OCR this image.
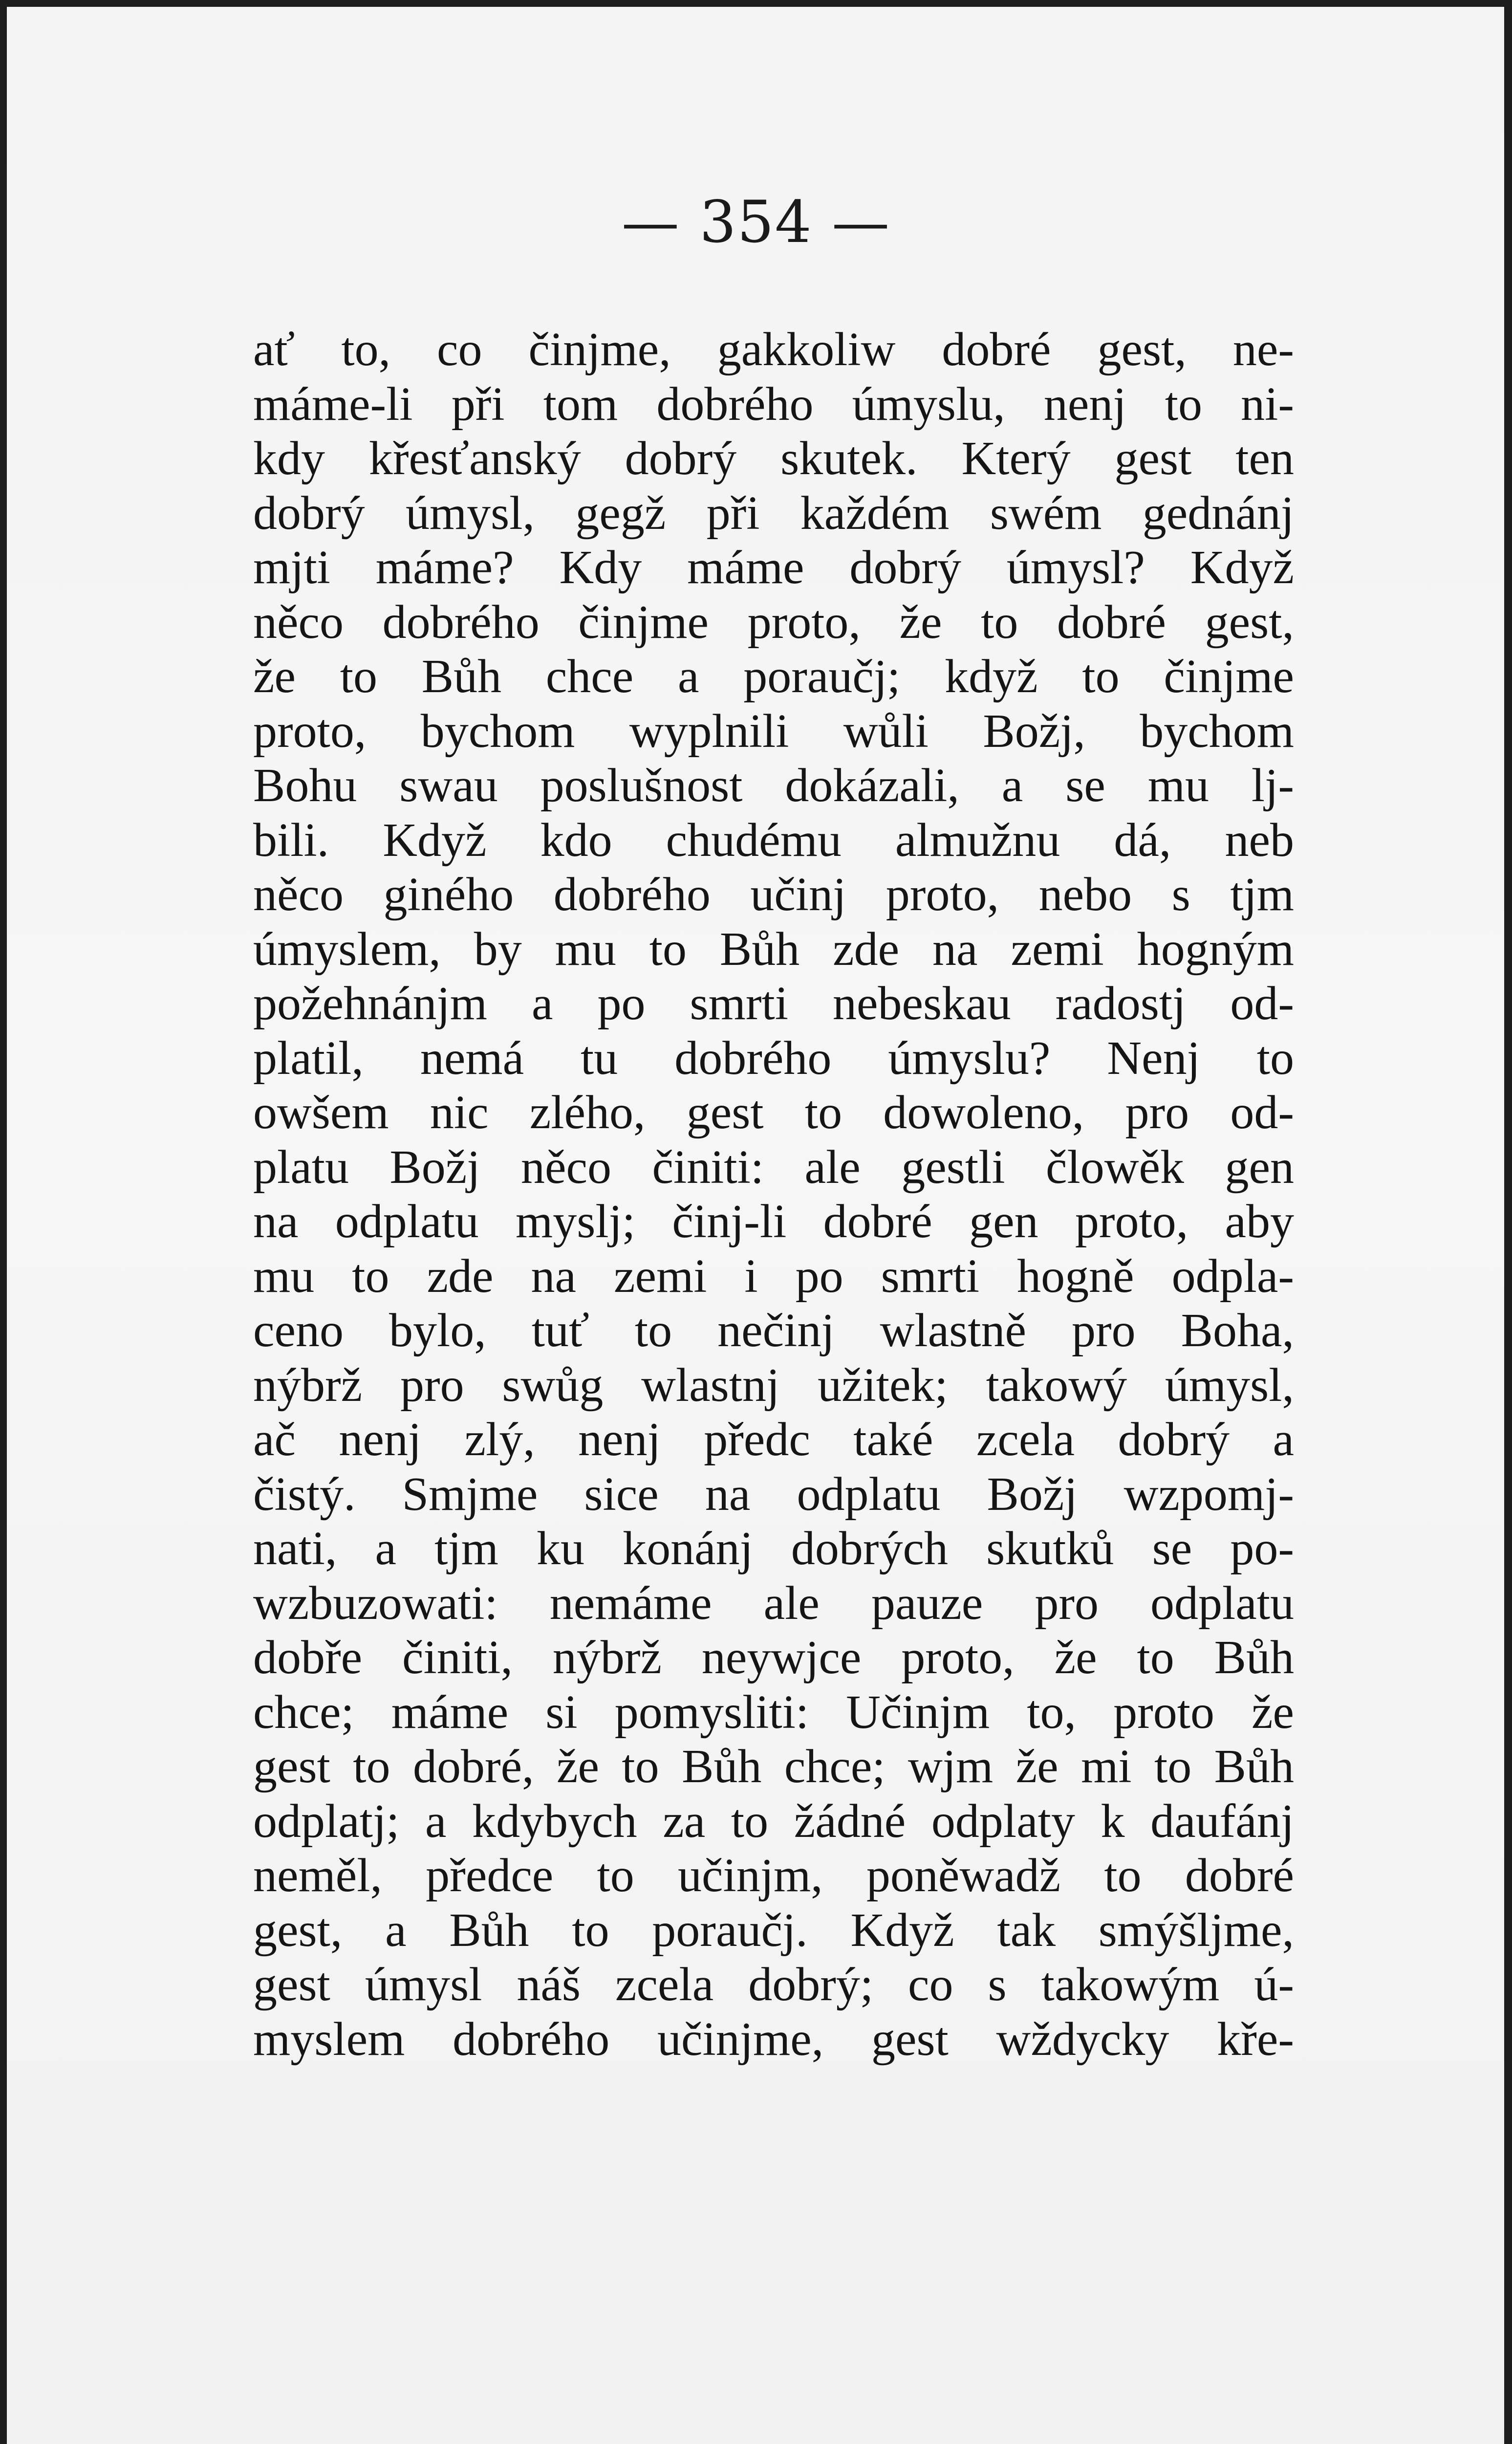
— 354 —
ať to, co činjme, gakkoliw dobré gest, ne-
máme-li při tom dobrého úmyslu, nenj to ni-
kdy křesťanský dobrý skutek. Který gest ten
dobrý úmysl, gegž při každém swém gednánj
mjti máme? Kdy máme dobrý úmysl? Když
něco dobrého činjme proto, že to dobré gest,
že to Bůh chce a poraučj; když to činjme
proto, bychom wyplnili wůli Božj, bychom
Bohu swau poslušnost dokázali, a se mu lj-
bili. Když kdo chudému almužnu dá, neb
něco giného dobrého učinj proto, nebo s tjm
úmyslem, by mu to Bůh zde na zemi hogným
požehnánjm a po smrti nebeskau radostj od-
platil, nemá tu dobrého úmyslu? Nenj to
owšem nic zlého, gest to dowoleno, pro od-
platu Božj něco činiti: ale gestli člowěk gen
na odplatu myslj; činj-li dobré gen proto, aby
mu to zde na zemi i po smrti hogně odpla-
ceno bylo, tuť to nečinj wlastně pro Boha,
nýbrž pro swůg wlastnj užitek; takowý úmysl,
ač nenj zlý, nenj předc také zcela dobrý a
čistý. Smjme sice na odplatu Božj wzpomj-
nati, a tjm ku konánj dobrých skutků se po-
wzbuzowati: nemáme ale pauze pro odplatu
dobře činiti, nýbrž neywjce proto, že to Bůh
chce; máme si pomysliti: Učinjm to, proto že
gest to dobré, že to Bůh chce; wjm že mi to Bůh
odplatj; a kdybych za to žádné odplaty k daufánj
neměl, předce to učinjm, poněwadž to dobré
gest, a Bůh to poraučj. Když tak smýšljme,
gest úmysl náš zcela dobrý; co s takowým ú-
myslem dobrého učinjme, gest wždycky kře-
